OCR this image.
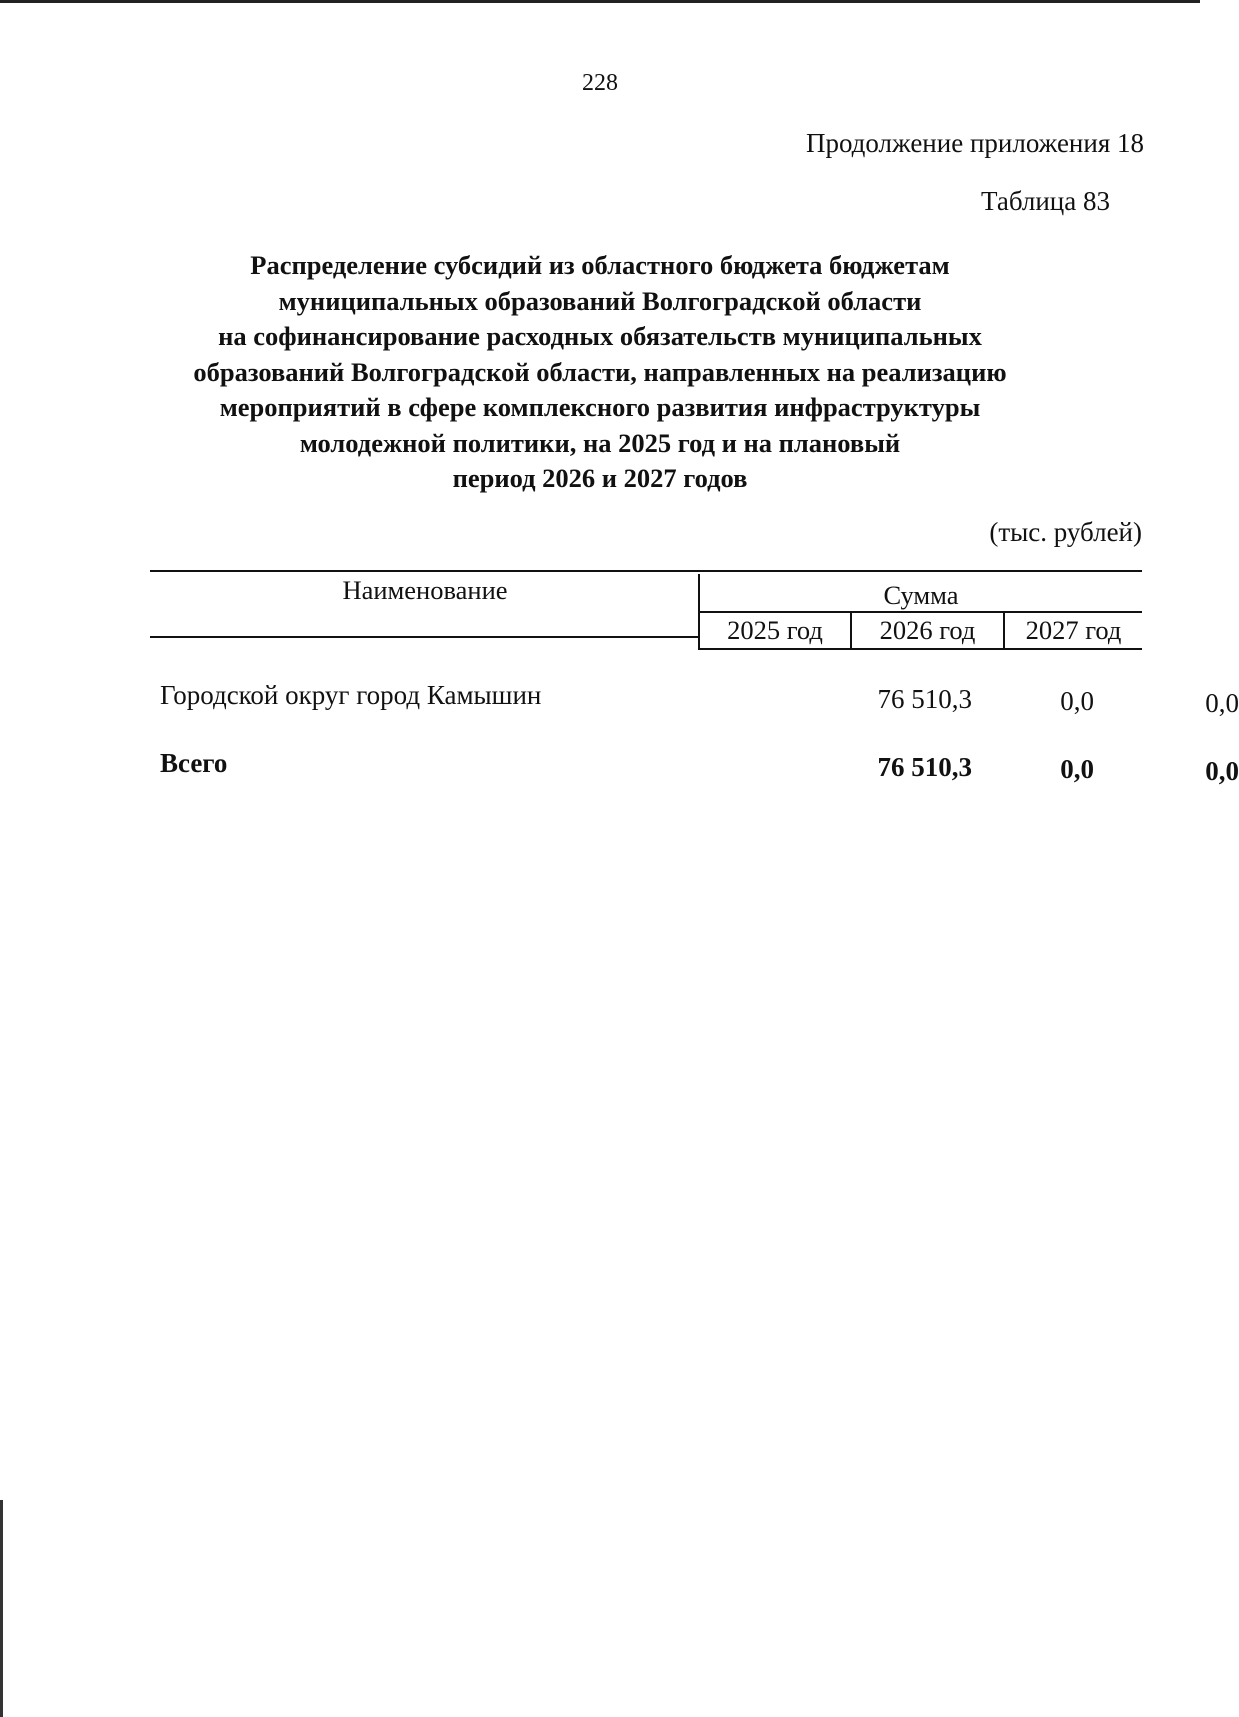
228
Продолжение приложения 18
Таблица 83
Распределение субсидий из областного бюджета бюджетам
муниципальных образований Волгоградской области
на софинансирование расходных обязательств муниципальных
образований Волгоградской области, направленных на реализацию
мероприятий в сфере комплексного развития инфраструктуры
молодежной политики, на 2025 год и на плановый
период 2026 и 2027 годов
(тыс. рублей)
Наименование	Сумма
2025 год	2026 год	2027 год
Городской округ город Камышин	76 510,3	0,0	0,0
Всего	76 510,3	0,0	0,0
